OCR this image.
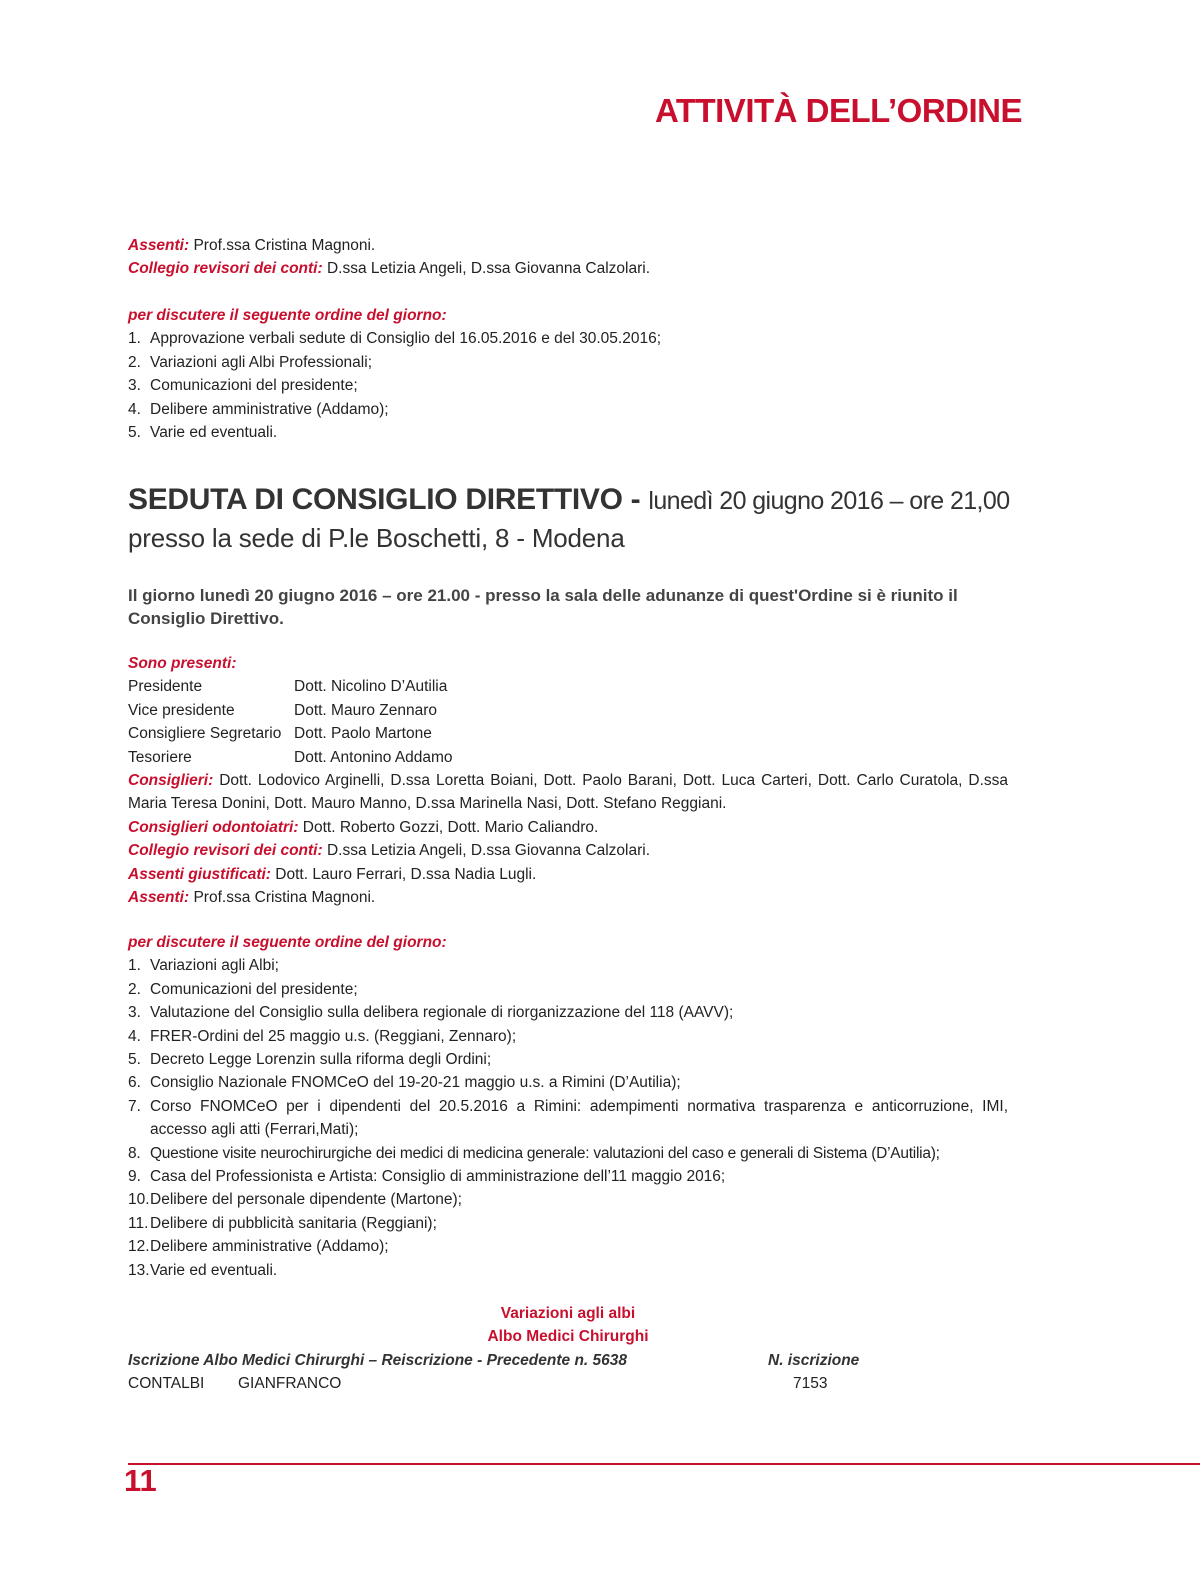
ATTIVITÀ DELL’ORDINE
Assenti: Prof.ssa Cristina Magnoni.
Collegio revisori dei conti: D.ssa Letizia Angeli, D.ssa Giovanna Calzolari.
per discutere il seguente ordine del giorno:
1. Approvazione verbali sedute di Consiglio del 16.05.2016 e del 30.05.2016;
2. Variazioni agli Albi Professionali;
3. Comunicazioni del presidente;
4. Delibere amministrative (Addamo);
5. Varie ed eventuali.
SEDUTA DI CONSIGLIO DIRETTIVO - lunedì 20 giugno 2016 – ore 21,00
presso la sede di P.le Boschetti, 8 - Modena
Il giorno lunedì 20 giugno 2016 – ore 21.00 - presso la sala delle adunanze di quest'Ordine si è riunito il Consiglio Direttivo.
Sono presenti:
Presidente	Dott. Nicolino D’Autilia
Vice presidente	Dott. Mauro Zennaro
Consigliere Segretario Dott. Paolo Martone
Tesoriere	Dott. Antonino Addamo
Consiglieri: Dott. Lodovico Arginelli, D.ssa Loretta Boiani, Dott. Paolo Barani, Dott. Luca Carteri, Dott. Carlo Curatola, D.ssa Maria Teresa Donini, Dott. Mauro Manno, D.ssa Marinella Nasi, Dott. Stefano Reggiani.
Consiglieri odontoiatri: Dott. Roberto Gozzi, Dott. Mario Caliandro.
Collegio revisori dei conti: D.ssa Letizia Angeli, D.ssa Giovanna Calzolari.
Assenti giustificati: Dott. Lauro Ferrari, D.ssa Nadia Lugli.
Assenti: Prof.ssa Cristina Magnoni.
per discutere il seguente ordine del giorno:
1. Variazioni agli Albi;
2. Comunicazioni del presidente;
3. Valutazione del Consiglio sulla delibera regionale di riorganizzazione del 118 (AAVV);
4. FRER-Ordini del 25 maggio u.s. (Reggiani, Zennaro);
5. Decreto Legge Lorenzin sulla riforma degli Ordini;
6. Consiglio Nazionale FNOMCeO del 19-20-21 maggio u.s. a Rimini (D’Autilia);
7. Corso FNOMCeO per i dipendenti del 20.5.2016 a Rimini: adempimenti normativa trasparenza e anticorruzione, IMI, accesso agli atti (Ferrari,Mati);
8. Questione visite neurochirurgiche dei medici di medicina generale: valutazioni del caso e generali di Sistema (D’Autilia);
9. Casa del Professionista e Artista: Consiglio di amministrazione dell’11 maggio 2016;
10. Delibere del personale dipendente (Martone);
11. Delibere di pubblicità sanitaria (Reggiani);
12. Delibere amministrative (Addamo);
13. Varie ed eventuali.
Variazioni agli albi
Albo Medici Chirurghi
Iscrizione Albo Medici Chirurghi – Reiscrizione - Precedente n. 5638	N. iscrizione
CONTALBI GIANFRANCO	7153
11
